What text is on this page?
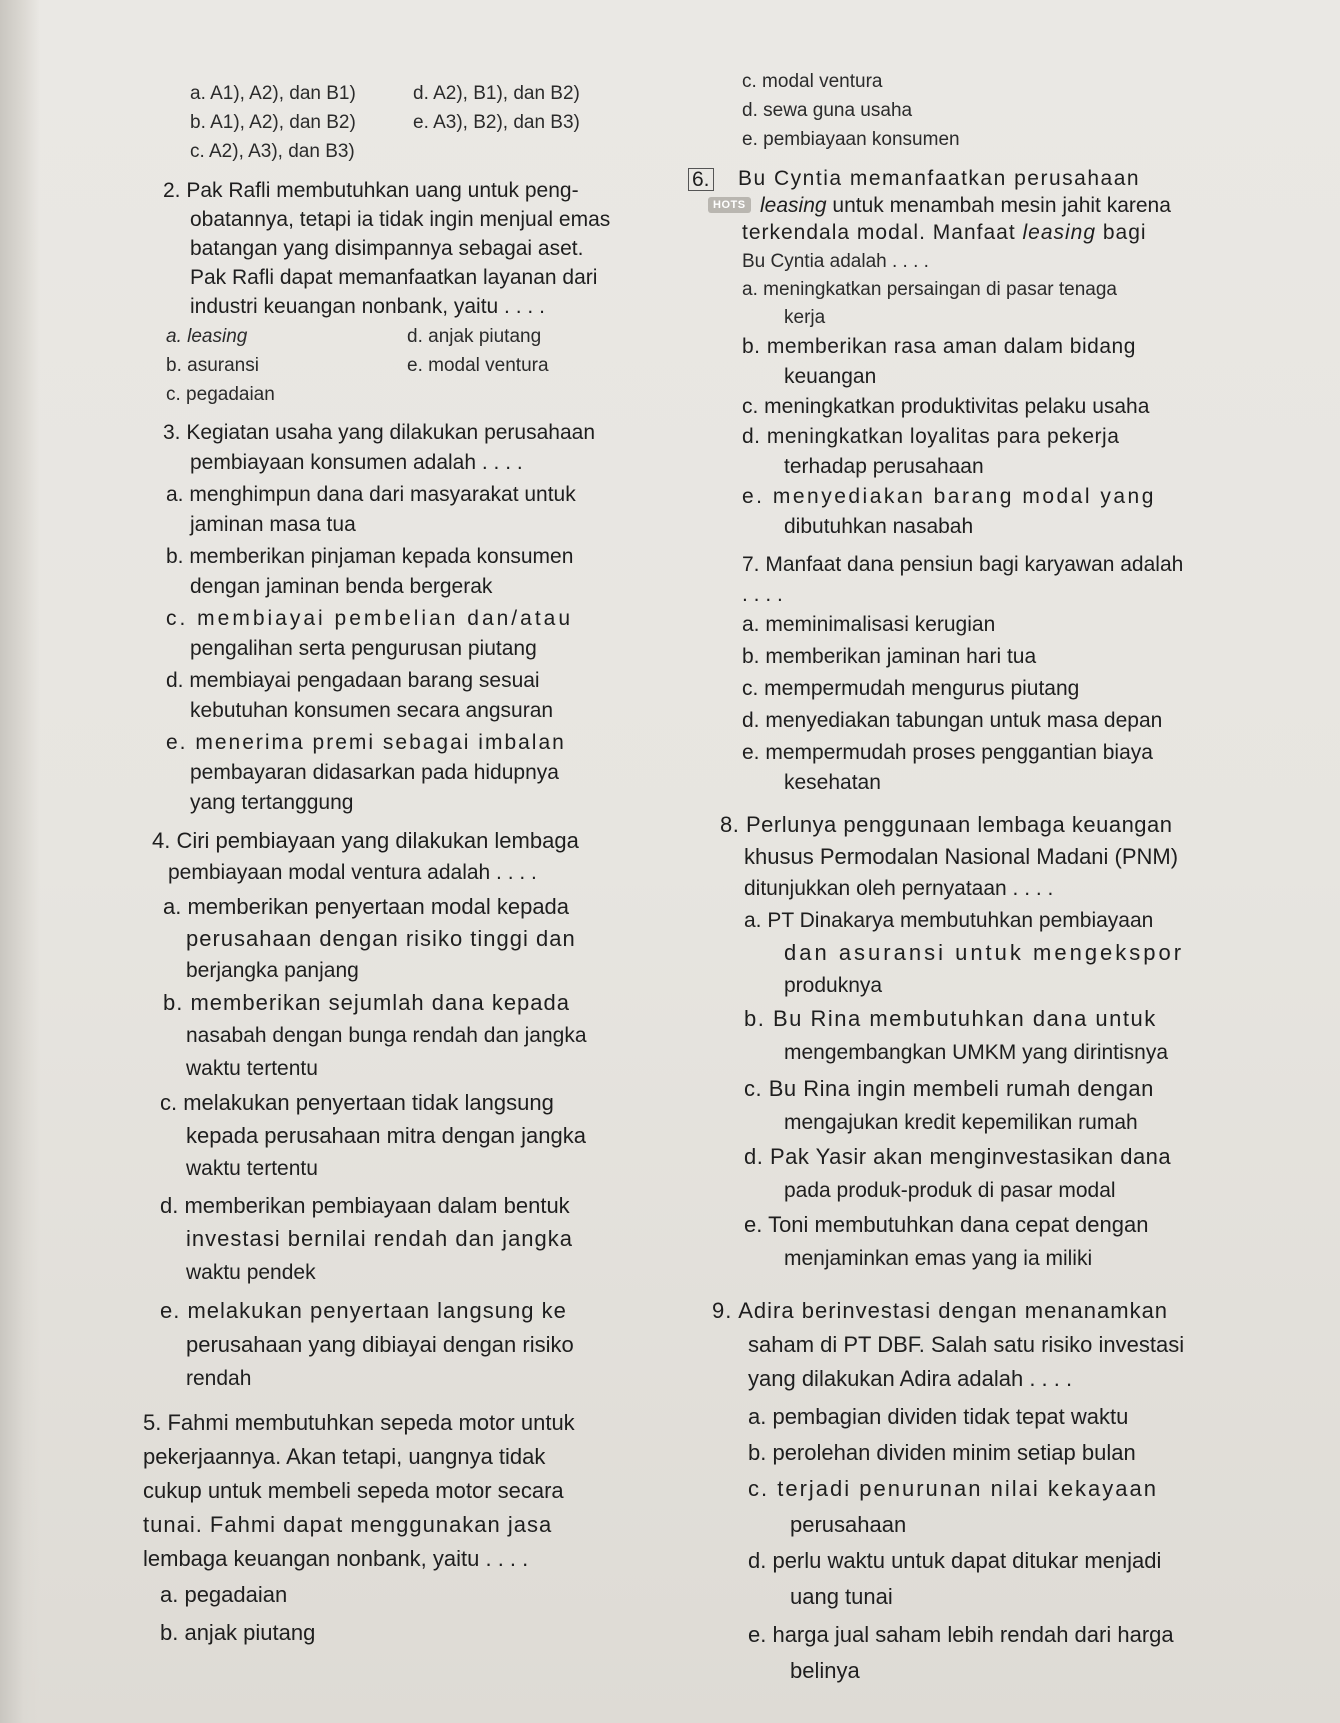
a. A1), A2), dan B1)	d. A2), B1), dan B2)
b. A1), A2), dan B2)	e. A3), B2), dan B3)
c. A2), A3), dan B3)
2. Pak Rafli membutuhkan uang untuk peng-
obatannya, tetapi ia tidak ingin menjual emas
batangan yang disimpannya sebagai aset.
Pak Rafli dapat memanfaatkan layanan dari
industri keuangan nonbank, yaitu . . . .
a. leasing	d. anjak piutang
b. asuransi	e. modal ventura
c. pegadaian
3. Kegiatan usaha yang dilakukan perusahaan
pembiayaan konsumen adalah . . . .
a. menghimpun dana dari masyarakat untuk
jaminan masa tua
b. memberikan pinjaman kepada konsumen
dengan jaminan benda bergerak
c. membiayai pembelian dan/atau
pengalihan serta pengurusan piutang
d. membiayai pengadaan barang sesuai
kebutuhan konsumen secara angsuran
e. menerima premi sebagai imbalan
pembayaran didasarkan pada hidupnya
yang tertanggung
4. Ciri pembiayaan yang dilakukan lembaga
pembiayaan modal ventura adalah . . . .
a. memberikan penyertaan modal kepada
perusahaan dengan risiko tinggi dan
berjangka panjang
b. memberikan sejumlah dana kepada
nasabah dengan bunga rendah dan jangka
waktu tertentu
c. melakukan penyertaan tidak langsung
kepada perusahaan mitra dengan jangka
waktu tertentu
d. memberikan pembiayaan dalam bentuk
investasi bernilai rendah dan jangka
waktu pendek
e. melakukan penyertaan langsung ke
perusahaan yang dibiayai dengan risiko
rendah
5. Fahmi membutuhkan sepeda motor untuk
pekerjaannya. Akan tetapi, uangnya tidak
cukup untuk membeli sepeda motor secara
tunai. Fahmi dapat menggunakan jasa
lembaga keuangan nonbank, yaitu . . . .
a. pegadaian
b. anjak piutang
c. modal ventura
d. sewa guna usaha
e. pembiayaan konsumen
6.	Bu Cyntia memanfaatkan perusahaan
HOTS leasing untuk menambah mesin jahit karena
terkendala modal. Manfaat leasing bagi
Bu Cyntia adalah . . . .
a. meningkatkan persaingan di pasar tenaga
kerja
b. memberikan rasa aman dalam bidang
keuangan
c. meningkatkan produktivitas pelaku usaha
d. meningkatkan loyalitas para pekerja
terhadap perusahaan
e. menyediakan barang modal yang
dibutuhkan nasabah
7. Manfaat dana pensiun bagi karyawan adalah
. . . .
a. meminimalisasi kerugian
b. memberikan jaminan hari tua
c. mempermudah mengurus piutang
d. menyediakan tabungan untuk masa depan
e. mempermudah proses penggantian biaya
kesehatan
8. Perlunya penggunaan lembaga keuangan
khusus Permodalan Nasional Madani (PNM)
ditunjukkan oleh pernyataan . . . .
a. PT Dinakarya membutuhkan pembiayaan
dan asuransi untuk mengekspor
produknya
b. Bu Rina membutuhkan dana untuk
mengembangkan UMKM yang dirintisnya
c. Bu Rina ingin membeli rumah dengan
mengajukan kredit kepemilikan rumah
d. Pak Yasir akan menginvestasikan dana
pada produk-produk di pasar modal
e. Toni membutuhkan dana cepat dengan
menjaminkan emas yang ia miliki
9. Adira berinvestasi dengan menanamkan
saham di PT DBF. Salah satu risiko investasi
yang dilakukan Adira adalah . . . .
a. pembagian dividen tidak tepat waktu
b. perolehan dividen minim setiap bulan
c. terjadi penurunan nilai kekayaan
perusahaan
d. perlu waktu untuk dapat ditukar menjadi
uang tunai
e. harga jual saham lebih rendah dari harga
belinya
